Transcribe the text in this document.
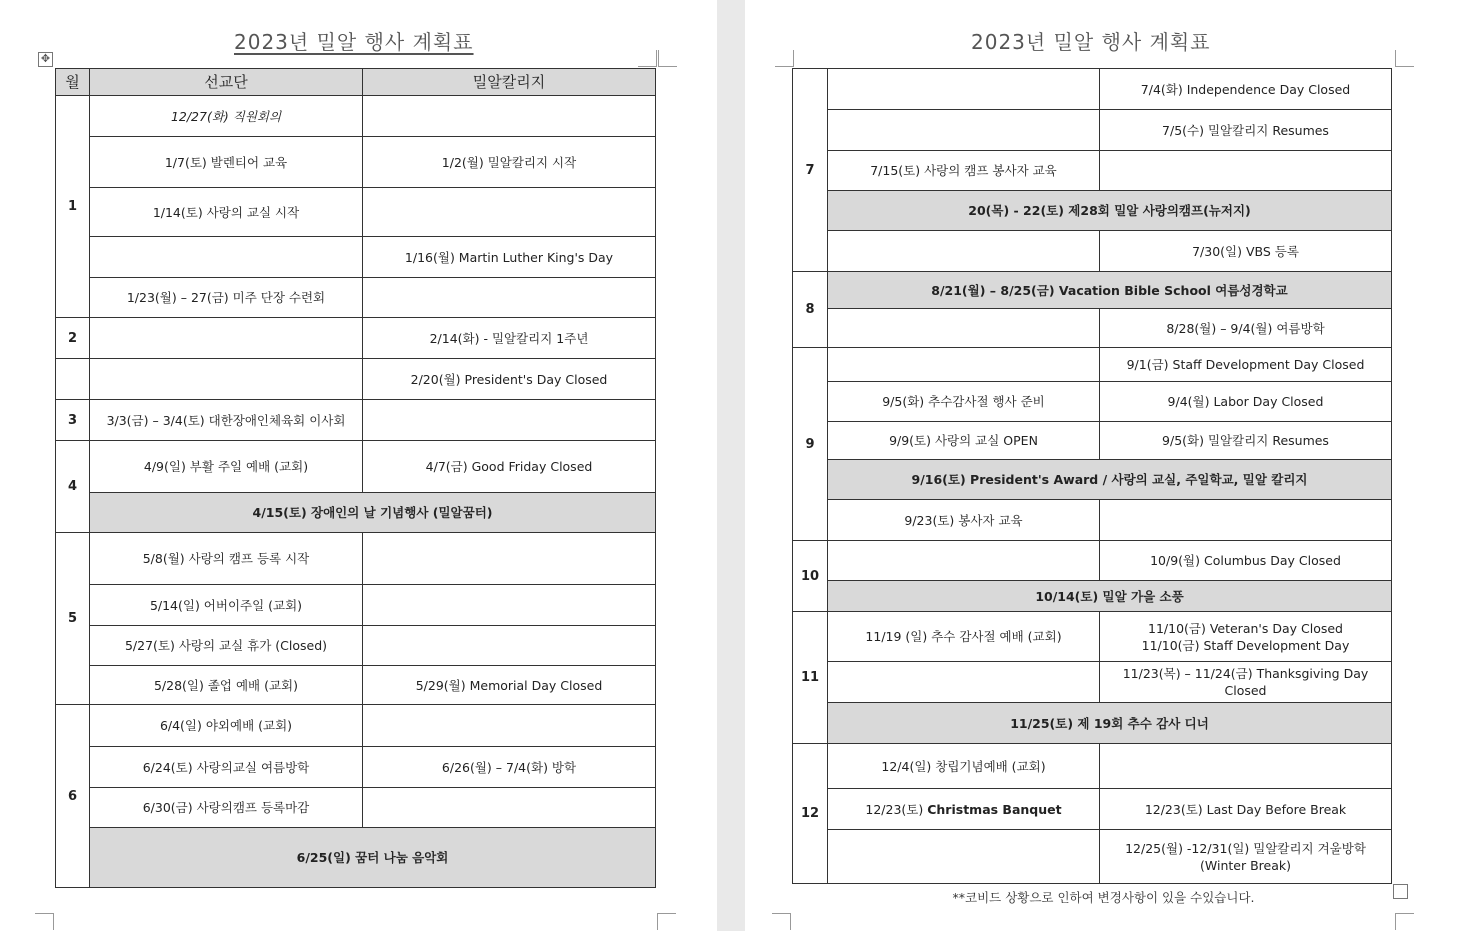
2023년 밀알 행사 계획표
✥
월	선교단	밀알칼리지
1	12/27(화) 직원회의	
	1/7(토) 발렌티어 교육	1/2(월) 밀알칼리지 시작
	1/14(토) 사랑의 교실 시작	
		1/16(월) Martin Luther King's Day
	1/23(월) – 27(금) 미주 단장 수련회	
2		2/14(화) - 밀알칼리지 1주년
		2/20(월) President's Day Closed
3	3/3(금) – 3/4(토) 대한장애인체육회 이사회	
4	4/9(일) 부활 주일 예배 (교회)	4/7(금) Good Friday Closed
	4/15(토) 장애인의 날 기념행사 (밀알꿈터)	
5	5/8(월) 사랑의 캠프 등록 시작	
	5/14(일) 어버이주일 (교회)	
	5/27(토) 사랑의 교실 휴가 (Closed)	
	5/28(일) 졸업 예배 (교회)	5/29(월) Memorial Day Closed
6	6/4(일) 야외예배 (교회)	
	6/24(토) 사랑의교실 여름방학	6/26(월) – 7/4(화) 방학
	6/30(금) 사랑의캠프 등록마감	
	6/25(일) 꿈터 나눔 음악회	
2023년 밀알 행사 계획표
7		7/4(화) Independence Day Closed
		7/5(수) 밀알칼리지 Resumes
	7/15(토) 사랑의 캠프 봉사자 교육	
	20(목) - 22(토) 제28회 밀알 사랑의캠프(뉴저지)	
		7/30(일) VBS 등록
8	8/21(월) – 8/25(금) Vacation Bible School 여름성경학교	
		8/28(월) – 9/4(월) 여름방학
9		9/1(금) Staff Development Day Closed
	9/5(화) 추수감사절 행사 준비	9/4(월) Labor Day Closed
	9/9(토) 사랑의 교실 OPEN	9/5(화) 밀알칼리지 Resumes
	9/16(토) President's Award / 사랑의 교실, 주일학교, 밀알 칼리지	
	9/23(토) 봉사자 교육	
10		10/9(월) Columbus Day Closed
	10/14(토) 밀알 가을 소풍	
11	11/19 (일) 추수 감사절 예배 (교회)	11/10(금) Veteran's Day Closed
11/10(금) Staff Development Day

		11/23(목) – 11/24(금) Thanksgiving Day Closed
	11/25(토) 제 19회 추수 감사 디너	
12	12/4(일) 창립기념예배 (교회)	
	12/23(토) Christmas Banquet	12/23(토) Last Day Before Break

		12/25(월) -12/31(일) 밀알칼리지 겨울방학
(Winter Break)
**코비드 상황으로 인하여 변경사항이 있을 수있습니다.
